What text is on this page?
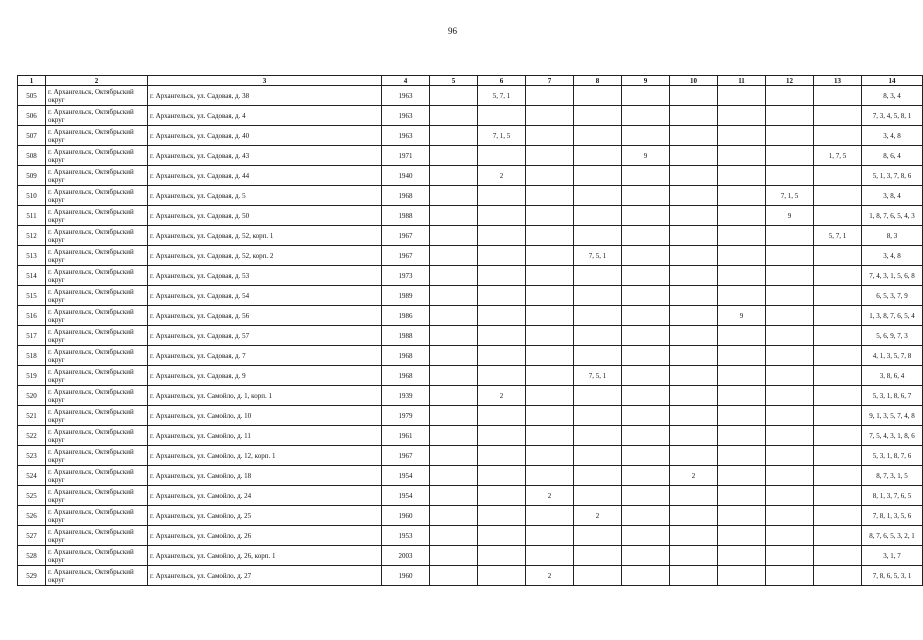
96
1	2	3	4	5	6	7	8	9	10	11	12	13	14
505	г. Архангельск, Октябрьский округ	г. Архангельск, ул. Садовая, д. 38	1963		5, 7, 1								8, 3, 4
506	г. Архангельск, Октябрьский округ	г. Архангельск, ул. Садовая, д. 4	1963										7, 3, 4, 5, 8, 1
507	г. Архангельск, Октябрьский округ	г. Архангельск, ул. Садовая, д. 40	1963		7, 1, 5								3, 4, 8
508	г. Архангельск, Октябрьский округ	г. Архангельск, ул. Садовая, д. 43	1971					9				1, 7, 5	8, 6, 4
509	г. Архангельск, Октябрьский округ	г. Архангельск, ул. Садовая, д. 44	1940		2								5, 1, 3, 7, 8, 6
510	г. Архангельск, Октябрьский округ	г. Архангельск, ул. Садовая, д. 5	1968								7, 1, 5		3, 8, 4
511	г. Архангельск, Октябрьский округ	г. Архангельск, ул. Садовая, д. 50	1988								9		1, 8, 7, 6, 5, 4, 3
512	г. Архангельск, Октябрьский округ	г. Архангельск, ул. Садовая, д. 52, корп. 1	1967									5, 7, 1	8, 3
513	г. Архангельск, Октябрьский округ	г. Архангельск, ул. Садовая, д. 52, корп. 2	1967				7, 5, 1						3, 4, 8
514	г. Архангельск, Октябрьский округ	г. Архангельск, ул. Садовая, д. 53	1973										7, 4, 3, 1, 5, 6, 8
515	г. Архангельск, Октябрьский округ	г. Архангельск, ул. Садовая, д. 54	1989										6, 5, 3, 7, 9
516	г. Архангельск, Октябрьский округ	г. Архангельск, ул. Садовая, д. 56	1986							9			1, 3, 8, 7, 6, 5, 4
517	г. Архангельск, Октябрьский округ	г. Архангельск, ул. Садовая, д. 57	1988										5, 6, 9, 7, 3
518	г. Архангельск, Октябрьский округ	г. Архангельск, ул. Садовая, д. 7	1968										4, 1, 3, 5, 7, 8
519	г. Архангельск, Октябрьский округ	г. Архангельск, ул. Садовая, д. 9	1968				7, 5, 1						3, 8, 6, 4
520	г. Архангельск, Октябрьский округ	г. Архангельск, ул. Самойло, д. 1, корп. 1	1939		2								5, 3, 1, 8, 6, 7
521	г. Архангельск, Октябрьский округ	г. Архангельск, ул. Самойло, д. 10	1979										9, 1, 3, 5, 7, 4, 8
522	г. Архангельск, Октябрьский округ	г. Архангельск, ул. Самойло, д. 11	1961										7, 5, 4, 3, 1, 8, 6
523	г. Архангельск, Октябрьский округ	г. Архангельск, ул. Самойло, д. 12, корп. 1	1967										5, 3, 1, 8, 7, 6
524	г. Архангельск, Октябрьский округ	г. Архангельск, ул. Самойло, д. 18	1954						2				8, 7, 3, 1, 5
525	г. Архангельск, Октябрьский округ	г. Архангельск, ул. Самойло, д. 24	1954			2							8, 1, 3, 7, 6, 5
526	г. Архангельск, Октябрьский округ	г. Архангельск, ул. Самойло, д. 25	1960				2						7, 8, 1, 3, 5, 6
527	г. Архангельск, Октябрьский округ	г. Архангельск, ул. Самойло, д. 26	1953										8, 7, 6, 5, 3, 2, 1
528	г. Архангельск, Октябрьский округ	г. Архангельск, ул. Самойло, д. 26, корп. 1	2003										3, 1, 7
529	г. Архангельск, Октябрьский округ	г. Архангельск, ул. Самойло, д. 27	1960			2							7, 8, 6, 5, 3, 1
